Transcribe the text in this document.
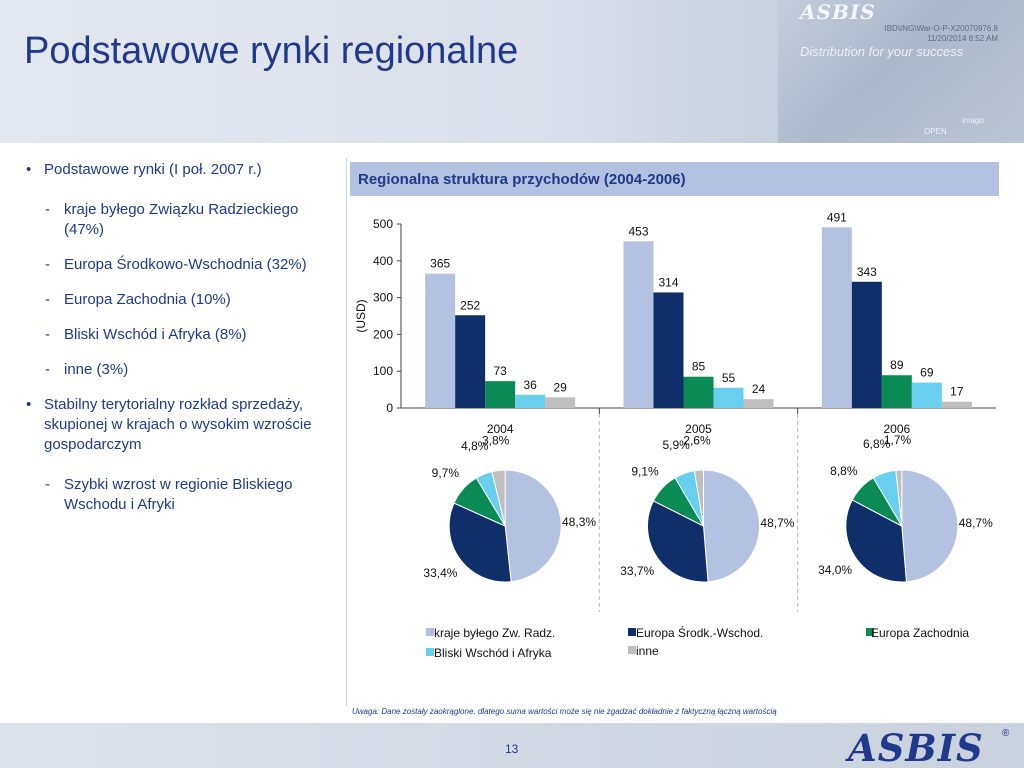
ASBIS
Distribution for your success
OPEN
imago
IBD\ING\War-O-P-X20070976.8
11/20/2014 8:52 AM
Podstawowe rynki regionalne
• Podstawowe rynki (I poł. 2007 r.)
- kraje byłego Związku Radzieckiego (47%)
- Europa Środkowo-Wschodnia (32%)
- Europa Zachodnia (10%)
- Bliski Wschód i Afryka (8%)
- inne (3%)
• Stabilny terytorialny rozkład sprzedaży, skupionej w krajach o wysokim wzroście gospodarczym
- Szybki wzrost w regionie Bliskiego Wschodu i Afryki
Regionalna struktura przychodów (2004-2006)
0
100
200
300
400
500
(USD)
2004
365
252
73
36 29
48,3%
33,4%
9,7%
4,8%
3,8%
2005
453
314
85
55
24
48,7%
33,7%
9,1%
5,9%
2,6%
2006
491
343
89
69
17
48,7%
34,0%
8,8%
6,8%
1,7%
kraje byłego Zw. Radz.	Europa Środk.-Wschod.	Europa Zachodnia
Bliski Wschód i Afryka	inne
Uwaga: Dane zostały zaokrąglone, dlatego suma wartości może się nie zgadzać dokładnie z faktyczną łączną wartością
13	ASBIS ®
